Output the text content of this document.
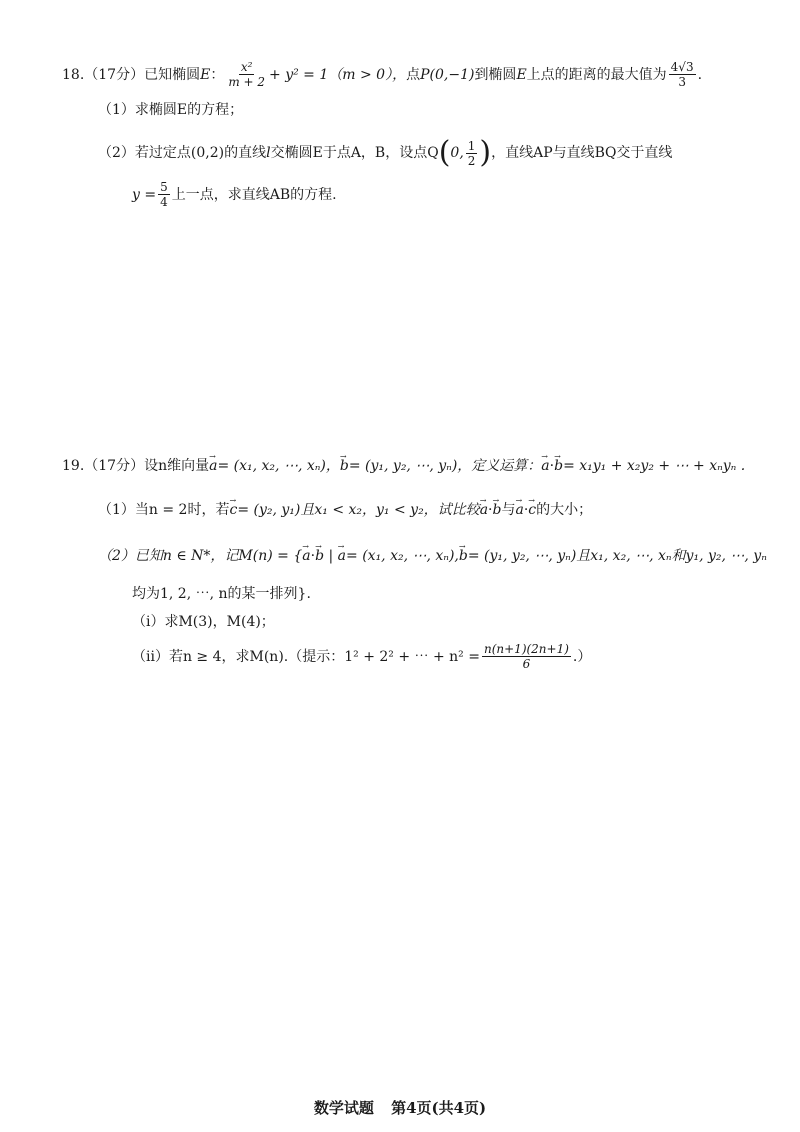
18. （17分） 已知椭圆 E ： $\frac{\text{x²}}{m + 2} + y^2 = 1(m > 0)$， 点 P(0,−1) 到椭圆 E 上点的距离的最大值为 $\frac{4√3}{3}$ .
（1）求椭圆E的方程；
（2）若过定点(0,2)的直线 l 交椭圆E于点A，B，设点Q ( 0, $\frac{1}{2}$ ) ，直线AP与直线BQ交于直线
$y = \frac{5}{4}$ 上一点，求直线AB的方程.
19. （17分） 设n维向量 → a = (x₁, x₂, ⋯, xₙ)， → b = (y₁, y₂, ⋯, yₙ)，定义运算： → a · → b = x₁y₁ + x₂y₂ + ⋯ + xₙyₙ .
（1）当n = 2时，若 → c = (y₂, y₁)且x₁ < x₂，y₁ < y₂，试比较 → a · → b 与 → a · → c 的大小；
（2）已知n ∈ N*，记M(n) = { → a · → b | → a = (x₁, x₂, ⋯, xₙ), → b = (y₁, y₂, ⋯, yₙ)且x₁, x₂, ⋯, xₙ和y₁, y₂, ⋯, yₙ
均为1, 2, ⋯, n的某一排列}.
（i）求M(3)，M(4)；
（ii）若n ≥ 4，求M(n).（提示：1² + 2² + ⋯ + $n^2 = \frac{n(n+1)(2n+1)}{6}$ .）
数学试题 第4页(共4页)
